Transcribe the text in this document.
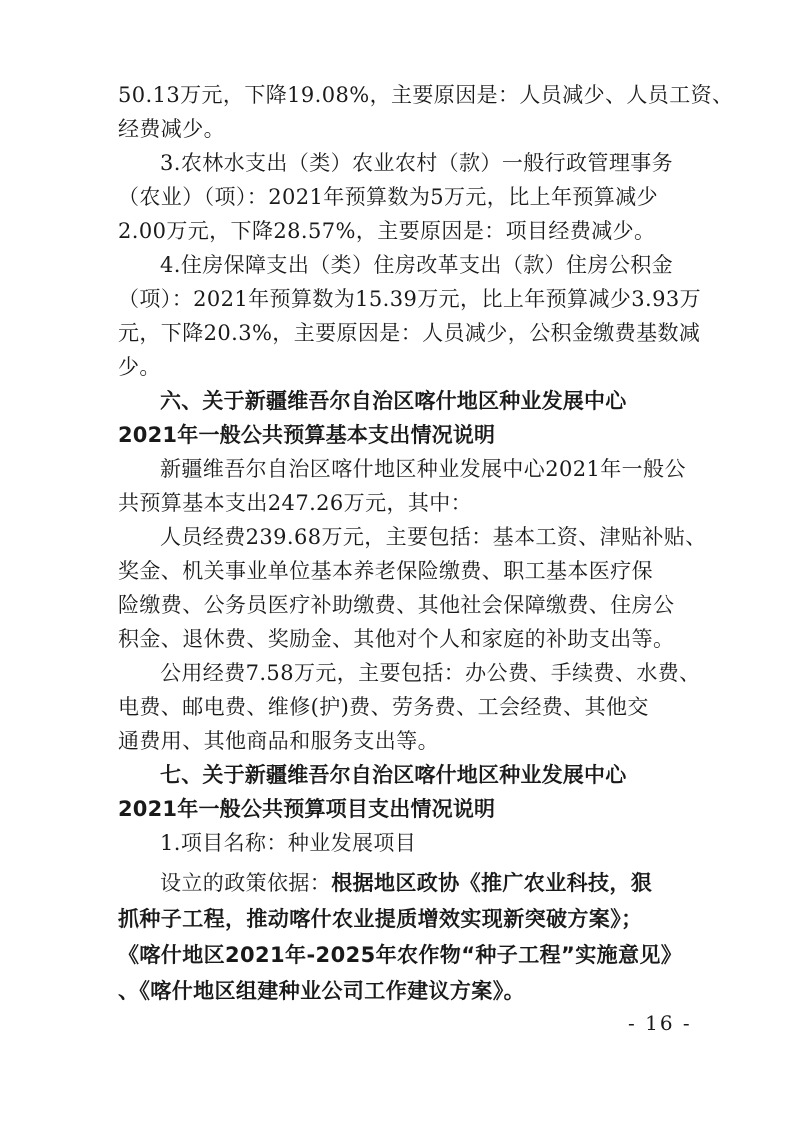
50.13万元，下降19.08%，主要原因是：人员减少、人员工资、
经费减少。
3.农林水支出（类）农业农村（款）一般行政管理事务
（农业）（项）：2021年预算数为5万元，比上年预算减少
2.00万元，下降28.57%，主要原因是：项目经费减少。
4.住房保障支出（类）住房改革支出（款）住房公积金
（项）：2021年预算数为15.39万元，比上年预算减少3.93万
元，下降20.3%，主要原因是：人员减少，公积金缴费基数减
少。
六、关于新疆维吾尔自治区喀什地区种业发展中心
2021年一般公共预算基本支出情况说明
新疆维吾尔自治区喀什地区种业发展中心2021年一般公
共预算基本支出247.26万元，其中：
人员经费239.68万元，主要包括：基本工资、津贴补贴、
奖金、机关事业单位基本养老保险缴费、职工基本医疗保
险缴费、公务员医疗补助缴费、其他社会保障缴费、住房公
积金、退休费、奖励金、其他对个人和家庭的补助支出等。
公用经费7.58万元，主要包括：办公费、手续费、水费、
电费、邮电费、维修(护)费、劳务费、工会经费、其他交
通费用、其他商品和服务支出等。
七、关于新疆维吾尔自治区喀什地区种业发展中心
2021年一般公共预算项目支出情况说明
1.项目名称：种业发展项目
设立的政策依据：根据地区政协《推广农业科技，狠
抓种子工程，推动喀什农业提质增效实现新突破方案》；
《喀什地区2021年-2025年农作物“种子工程”实施意见》
、《喀什地区组建种业公司工作建议方案》。
- 16 -
